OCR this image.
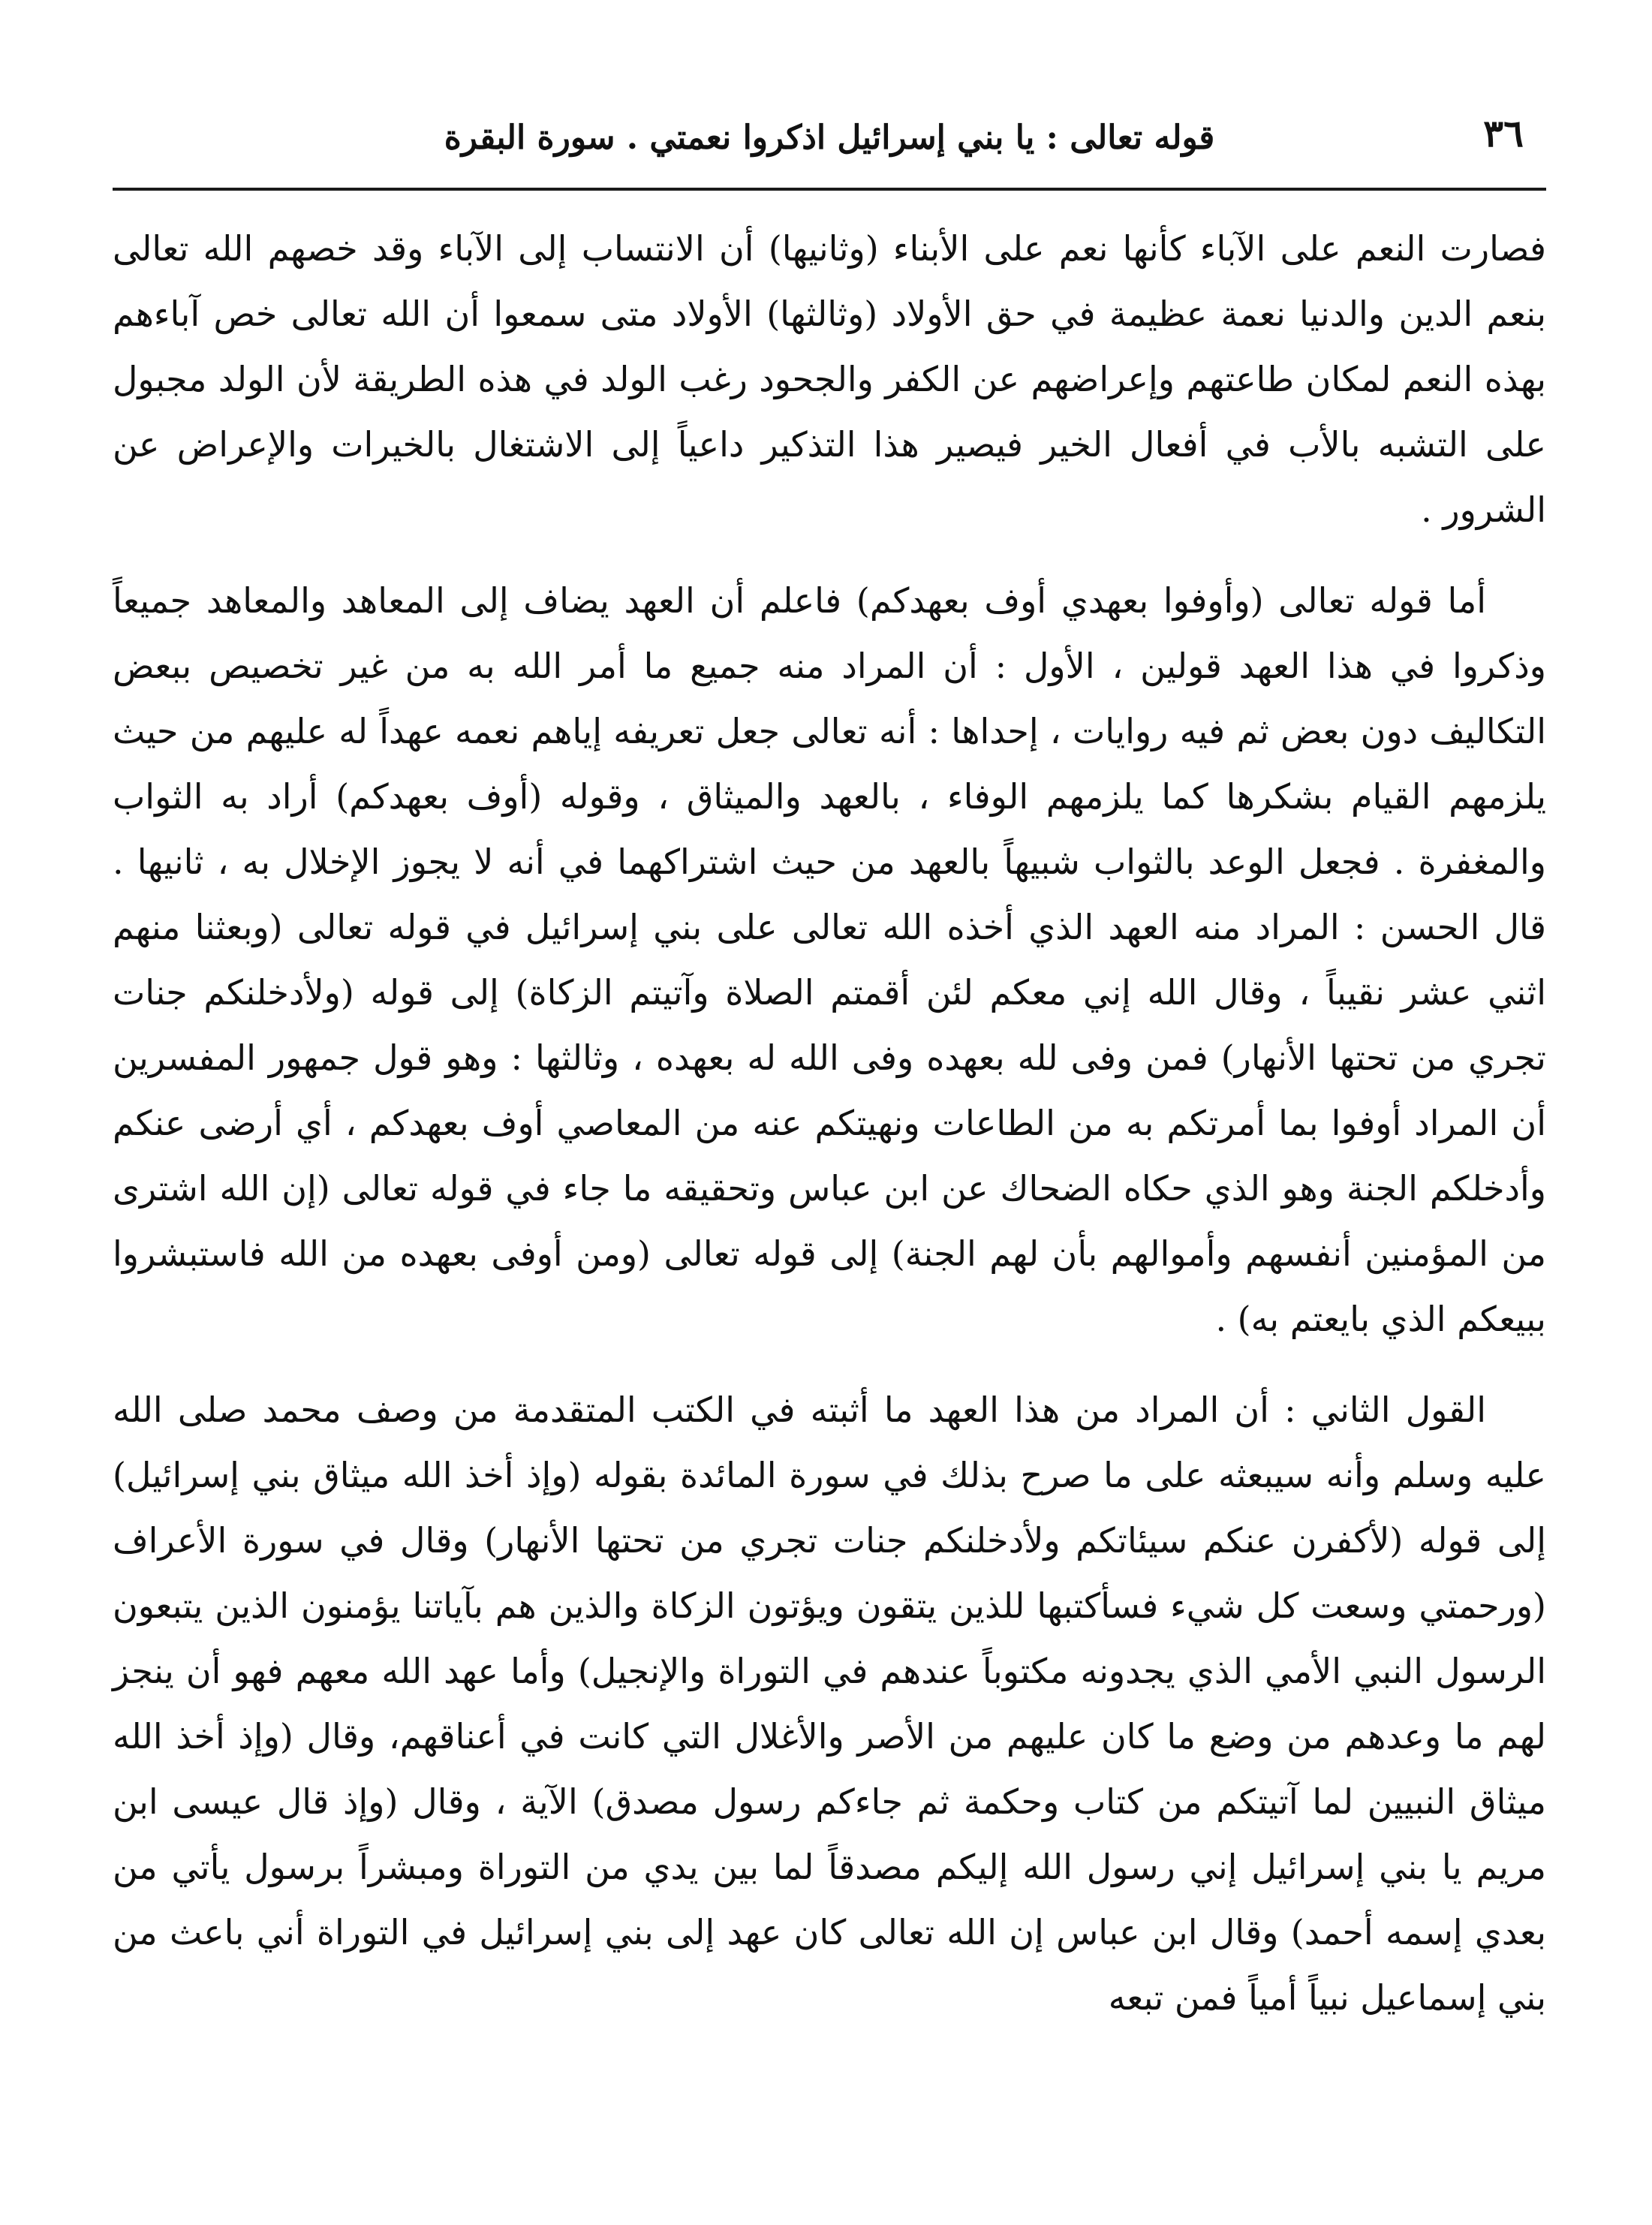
٣٦
قوله تعالى : يا بني إسرائيل اذكروا نعمتي . سورة البقرة

فصارت النعم على الآباء كأنها نعم على الأبناء (وثانيها) أن الانتساب إلى الآباء وقد خصهم الله تعالى بنعم الدين والدنيا نعمة عظيمة في حق الأولاد (وثالثها) الأولاد متى سمعوا أن الله تعالى خص آباءهم بهذه النعم لمكان طاعتهم وإعراضهم عن الكفر والجحود رغب الولد في هذه الطريقة لأن الولد مجبول على التشبه بالأب في أفعال الخير فيصير هذا التذكير داعياً إلى الاشتغال بالخيرات والإعراض عن الشرور .

أما قوله تعالى (وأوفوا بعهدي أوف بعهدكم) فاعلم أن العهد يضاف إلى المعاهد والمعاهد جميعاً وذكروا في هذا العهد قولين ، الأول : أن المراد منه جميع ما أمر الله به من غير تخصيص ببعض التكاليف دون بعض ثم فيه روايات ، إحداها : أنه تعالى جعل تعريفه إياهم نعمه عهداً له عليهم من حيث يلزمهم القيام بشكرها كما يلزمهم الوفاء ، بالعهد والميثاق ، وقوله (أوف بعهدكم) أراد به الثواب والمغفرة . فجعل الوعد بالثواب شبيهاً بالعهد من حيث اشتراكهما في أنه لا يجوز الإخلال به ، ثانيها . قال الحسن : المراد منه العهد الذي أخذه الله تعالى على بني إسرائيل في قوله تعالى (وبعثنا منهم اثني عشر نقيباً ، وقال الله إني معكم لئن أقمتم الصلاة وآتيتم الزكاة) إلى قوله (ولأدخلنكم جنات تجري من تحتها الأنهار) فمن وفى لله بعهده وفى الله له بعهده ، وثالثها : وهو قول جمهور المفسرين أن المراد أوفوا بما أمرتكم به من الطاعات ونهيتكم عنه من المعاصي أوف بعهدكم ، أي أرضى عنكم وأدخلكم الجنة وهو الذي حكاه الضحاك عن ابن عباس وتحقيقه ما جاء في قوله تعالى (إن الله اشترى من المؤمنين أنفسهم وأموالهم بأن لهم الجنة) إلى قوله تعالى (ومن أوفى بعهده من الله فاستبشروا ببيعكم الذي بايعتم به) .

القول الثاني : أن المراد من هذا العهد ما أثبته في الكتب المتقدمة من وصف محمد صلى الله عليه وسلم وأنه سيبعثه على ما صرح بذلك في سورة المائدة بقوله (وإذ أخذ الله ميثاق بني إسرائيل) إلى قوله (لأكفرن عنكم سيئاتكم ولأدخلنكم جنات تجري من تحتها الأنهار) وقال في سورة الأعراف (ورحمتي وسعت كل شيء فسأكتبها للذين يتقون ويؤتون الزكاة والذين هم بآياتنا يؤمنون الذين يتبعون الرسول النبي الأمي الذي يجدونه مكتوباً عندهم في التوراة والإنجيل) وأما عهد الله معهم فهو أن ينجز لهم ما وعدهم من وضع ما كان عليهم من الأصر والأغلال التي كانت في أعناقهم، وقال (وإذ أخذ الله ميثاق النبيين لما آتيتكم من كتاب وحكمة ثم جاءكم رسول مصدق) الآية ، وقال (وإذ قال عيسى ابن مريم يا بني إسرائيل إني رسول الله إليكم مصدقاً لما بين يدي من التوراة ومبشراً برسول يأتي من بعدي إسمه أحمد) وقال ابن عباس إن الله تعالى كان عهد إلى بني إسرائيل في التوراة أني باعث من بني إسماعيل نبياً أمياً فمن تبعه
